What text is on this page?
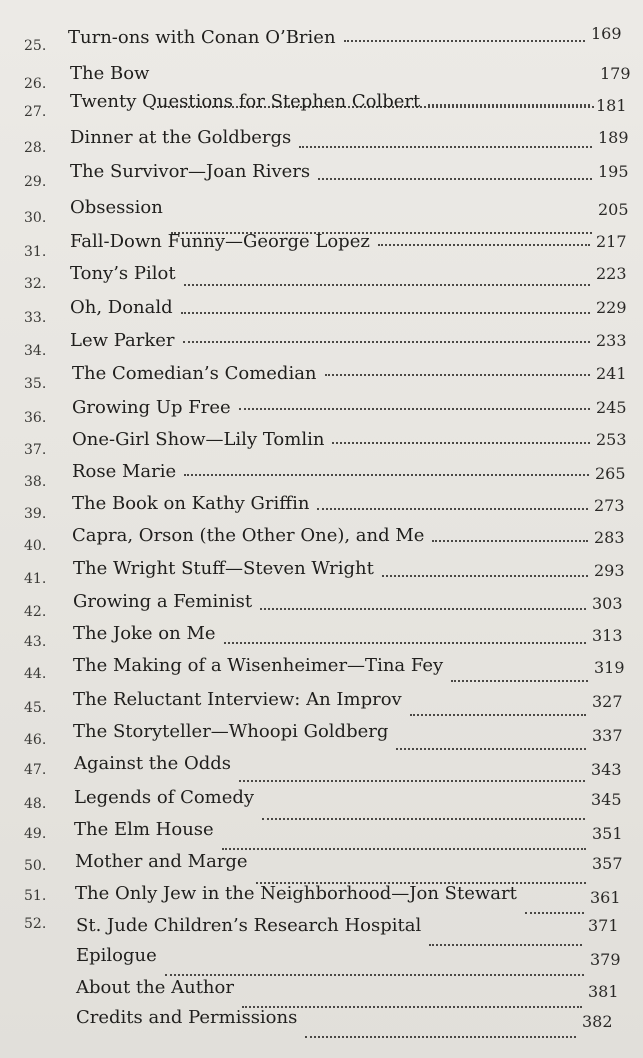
25. Turn-ons with Conan O’Brien	169
26. The Bow	179
27. Twenty Questions for Stephen Colbert	181
28. Dinner at the Goldbergs	189
29. The Survivor—Joan Rivers	195
30. Obsession	205
31. Fall-Down Funny—George Lopez	217
32. Tony’s Pilot	223
33. Oh, Donald	229
34. Lew Parker	233
35. The Comedian’s Comedian	241
36. Growing Up Free	245
37. One-Girl Show—Lily Tomlin	253
38. Rose Marie	265
39. The Book on Kathy Griffin	273
40. Capra, Orson (the Other One), and Me	283
41. The Wright Stuff—Steven Wright	293
42. Growing a Feminist	303
43. The Joke on Me	313
44. The Making of a Wisenheimer—Tina Fey	319
45. The Reluctant Interview: An Improv	327
46. The Storyteller—Whoopi Goldberg	337
47. Against the Odds	343
48. Legends of Comedy	345
49. The Elm House	351
50. Mother and Marge	357
51. The Only Jew in the Neighborhood—Jon Stewart	361
52. St. Jude Children’s Research Hospital	371
Epilogue	379
About the Author	381
Credits and Permissions	382
